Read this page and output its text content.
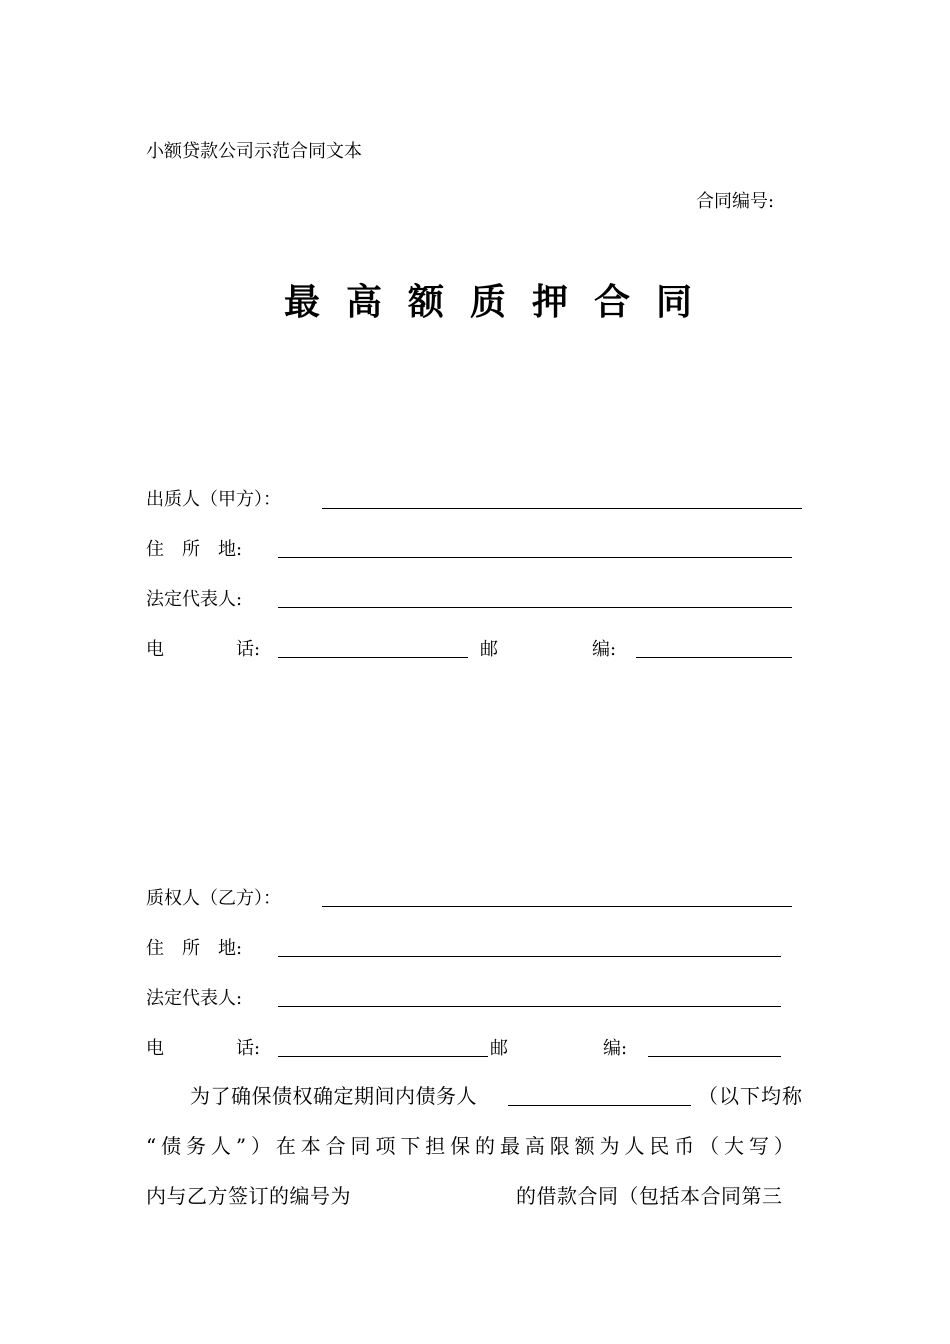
小额贷款公司示范合同文本
合同编号:
最高额质押合同
出质人（甲方）：
住　所　地:
法定代表人:
电	话:	邮	编:
质权人（乙方）：
住　所　地:
法定代表人:
电	话:	邮	编:
为了确保债权确定期间内债务人	（以下均称
“债务人”）在本合同项下担保的最高限额为人民币（大写）
内与乙方签订的编号为	的借款合同（包括本合同第三
